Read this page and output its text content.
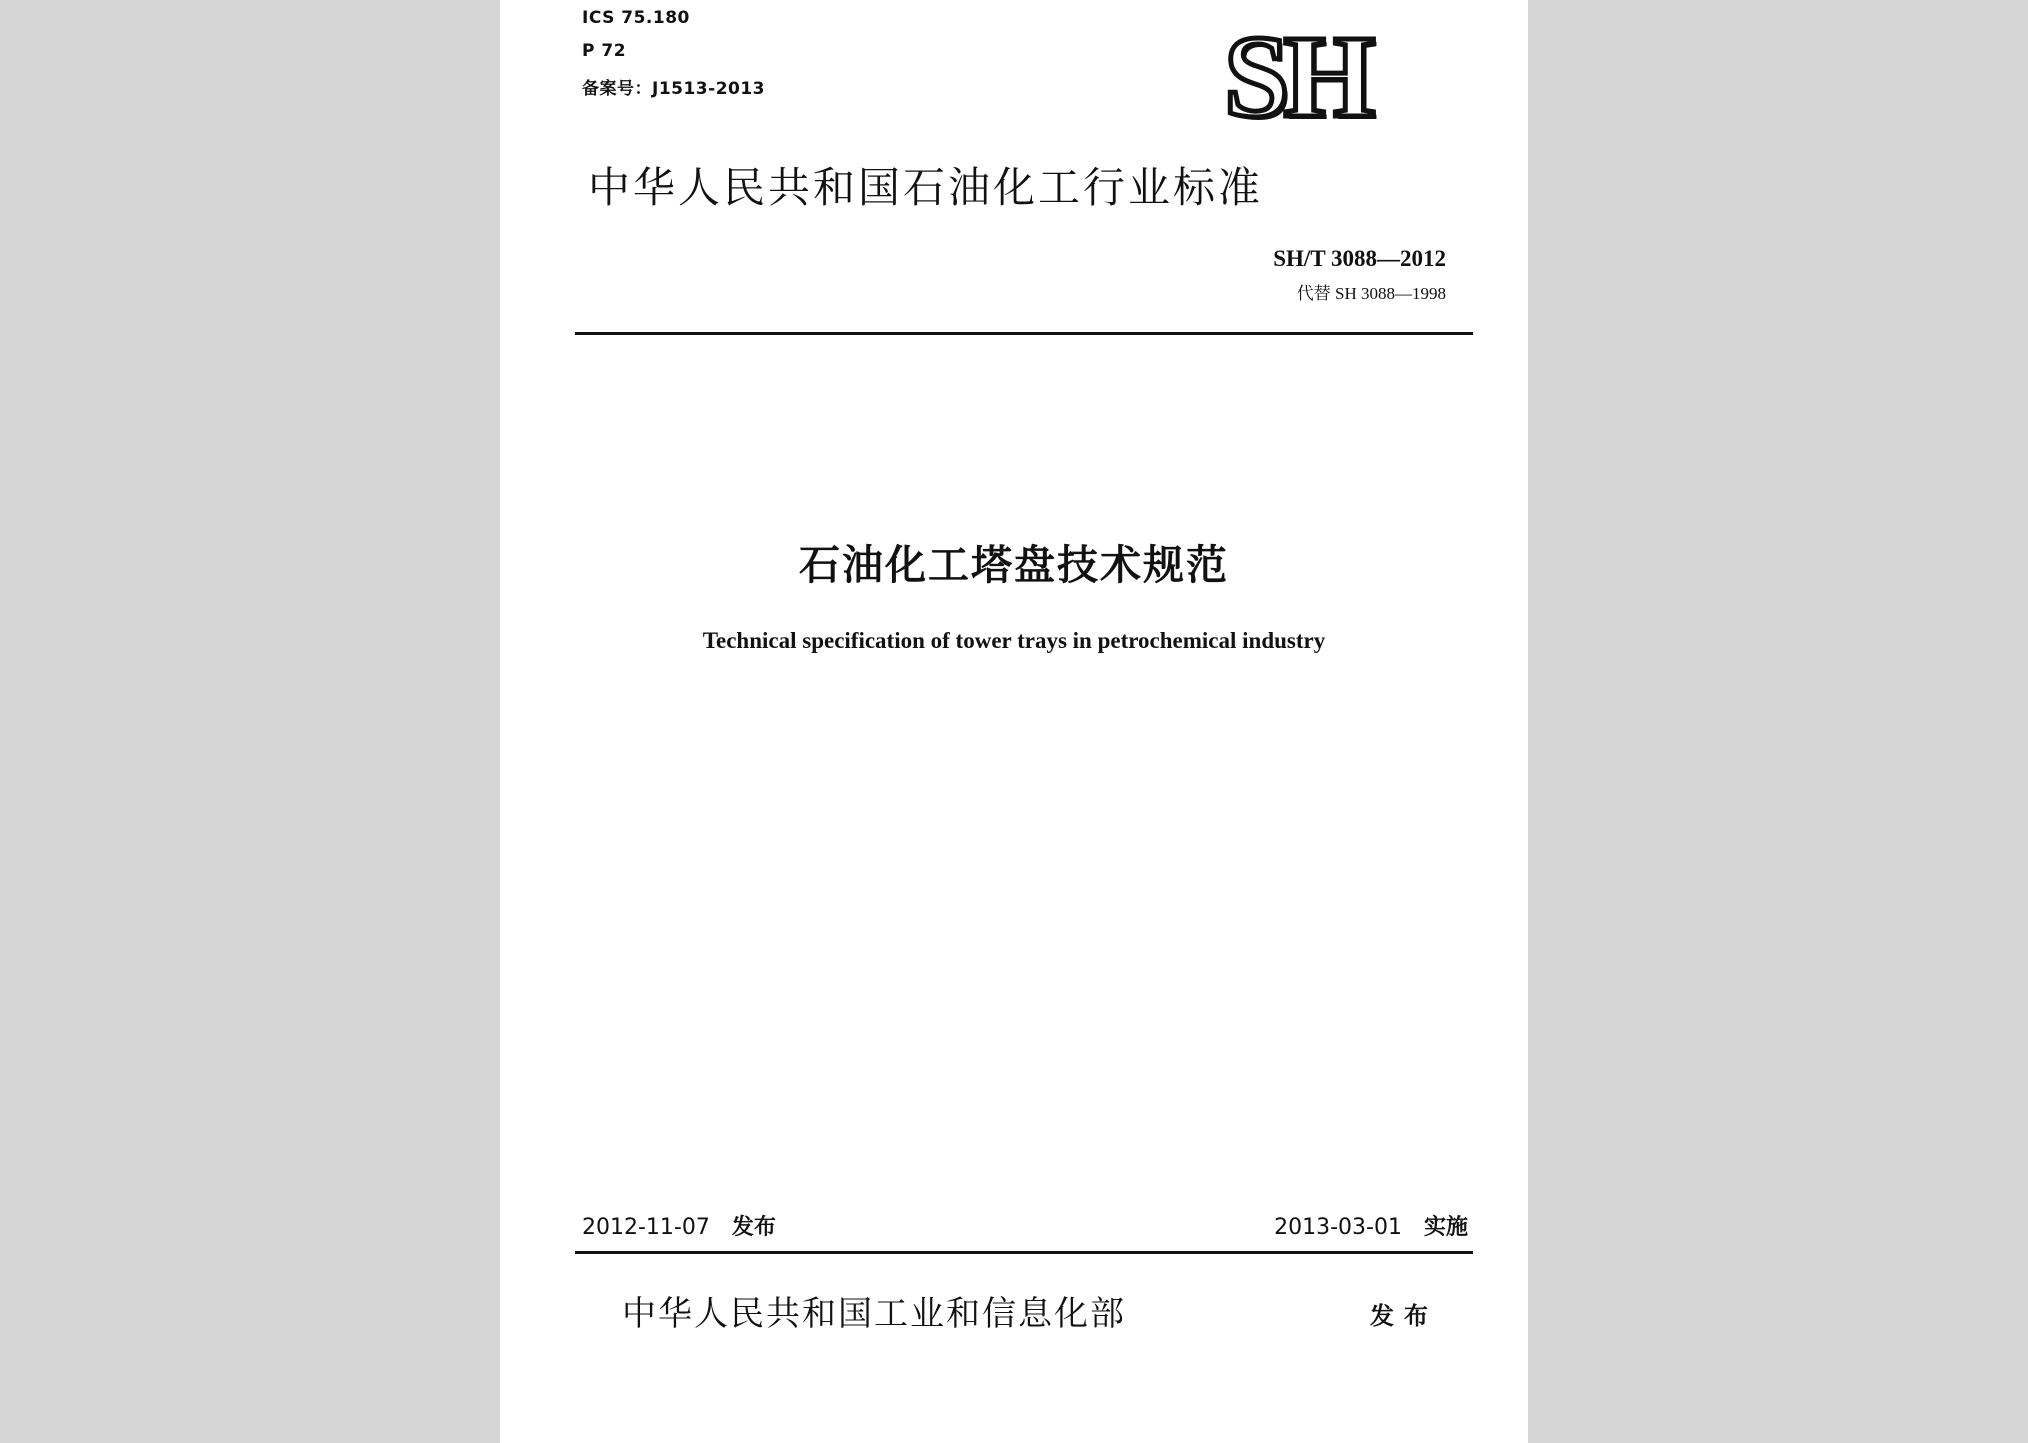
ICS 75.180
P 72
备案号：J1513-2013	SH
中华人民共和国石油化工行业标准
SH/T 3088—2012
代替 SH 3088—1998
石油化工塔盘技术规范
Technical specification of tower trays in petrochemical industry
2012-11-07 发布	2013-03-01 实施
中华人民共和国工业和信息化部	发布
